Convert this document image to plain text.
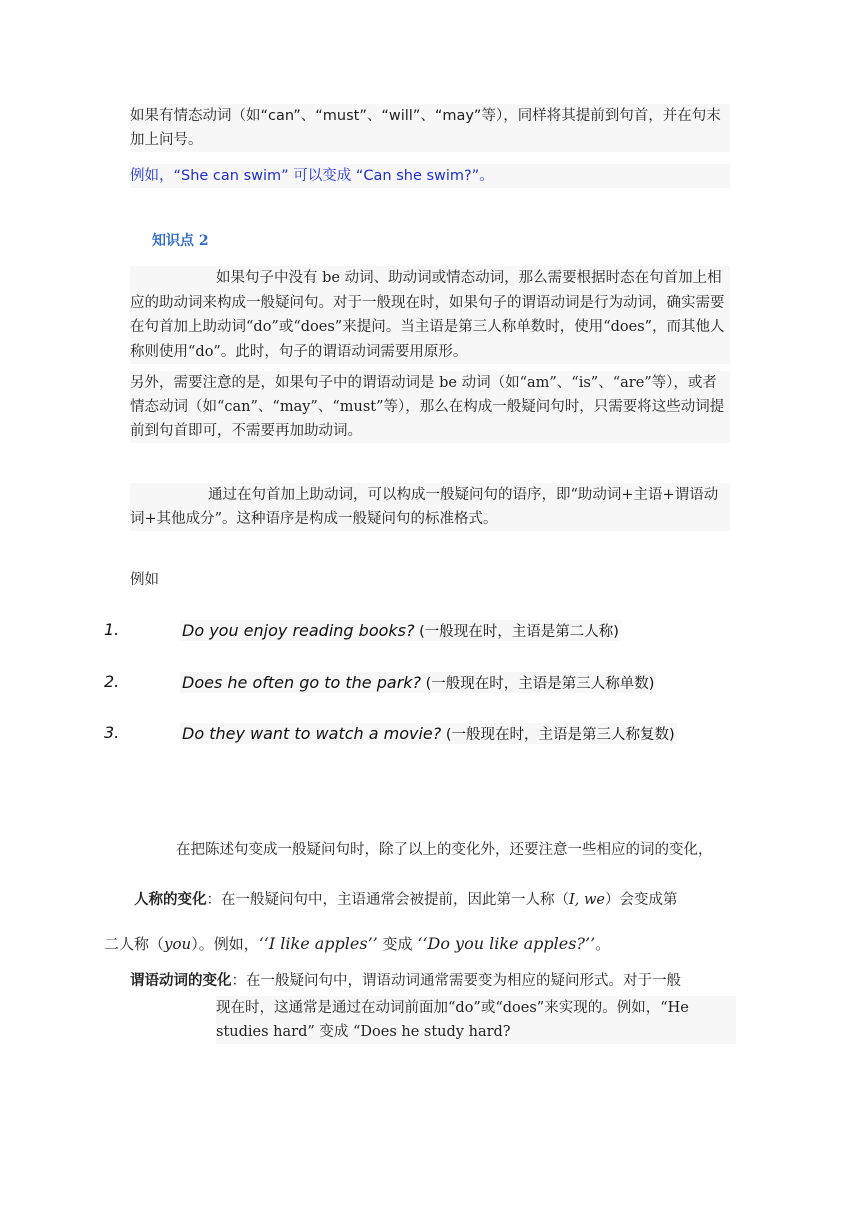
如果有情态动词（如“can”、“must”、“will”、“may”等），同样将其提前到句首，并在句末加上问号。
例如，“She can swim” 可以变成 “Can she swim?”。
知识点 2
如果句子中没有 be 动词、助动词或情态动词，那么需要根据时态在句首加上相应的助动词来构成一般疑问句。对于一般现在时，如果句子的谓语动词是行为动词，确实需要在句首加上助动词“do”或“does”来提问。当主语是第三人称单数时，使用“does”，而其他人称则使用“do”。此时，句子的谓语动词需要用原形。
另外，需要注意的是，如果句子中的谓语动词是 be 动词（如“am”、“is”、“are”等），或者情态动词（如“can”、“may”、“must”等），那么在构成一般疑问句时，只需要将这些动词提前到句首即可，不需要再加助动词。
通过在句首加上助动词，可以构成一般疑问句的语序，即“助动词+主语+谓语动词+其他成分”。这种语序是构成一般疑问句的标准格式。
例如
1.	Do you enjoy reading books? (一般现在时，主语是第二人称)
2.	Does he often go to the park? (一般现在时，主语是第三人称单数)
3.	Do they want to watch a movie? (一般现在时，主语是第三人称复数)
在把陈述句变成一般疑问句时，除了以上的变化外，还要注意一些相应的词的变化，
人称的变化：在一般疑问句中，主语通常会被提前，因此第一人称（I, we）会变成第
二人称（you）。例如，‘‘I like apples’’ 变成 ‘‘Do you like apples?’’。
谓语动词的变化：在一般疑问句中，谓语动词通常需要变为相应的疑问形式。对于一般
现在时，这通常是通过在动词前面加“do”或“does”来实现的。例如，“He
studies hard” 变成 “Does he study hard?
